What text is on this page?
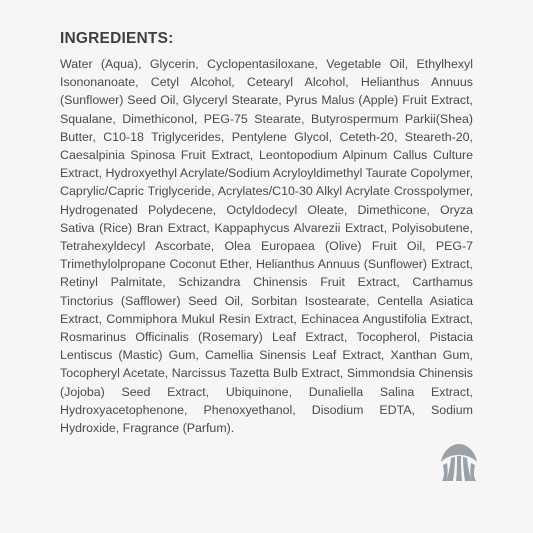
INGREDIENTS:

Water (Aqua), Glycerin, Cyclopentasiloxane, Vegetable Oil, Ethylhexyl Isononanoate, Cetyl Alcohol, Cetearyl Alcohol, Helianthus Annuus (Sunflower) Seed Oil, Glyceryl Stearate, Pyrus Malus (Apple) Fruit Extract, Squalane, Dimethiconol, PEG-75 Stearate, Butyrospermum Parkii(Shea) Butter, C10-18 Triglycerides, Pentylene Glycol, Ceteth-20, Steareth-20, Caesalpinia Spinosa Fruit Extract, Leontopodium Alpinum Callus Culture Extract, Hydroxyethyl Acrylate/Sodium Acryloyldimethyl Taurate Copolymer, Caprylic/Capric Triglyceride, Acrylates/C10-30 Alkyl Acrylate Crosspolymer, Hydrogenated Polydecene, Octyldodecyl Oleate, Dimethicone, Oryza Sativa (Rice) Bran Extract, Kappaphycus Alvarezii Extract, Polyisobutene, Tetrahexyldecyl Ascorbate, Olea Europaea (Olive) Fruit Oil, PEG-7 Trimethylolpropane Coconut Ether, Helianthus Annuus (Sunflower) Extract, Retinyl Palmitate, Schizandra Chinensis Fruit Extract, Carthamus Tinctorius (Safflower) Seed Oil, Sorbitan Isostearate, Centella Asiatica Extract, Commiphora Mukul Resin Extract, Echinacea Angustifolia Extract, Rosmarinus Officinalis (Rosemary) Leaf Extract, Tocopherol, Pistacia Lentiscus (Mastic) Gum, Camellia Sinensis Leaf Extract, Xanthan Gum, Tocopheryl Acetate, Narcissus Tazetta Bulb Extract, Simmondsia Chinensis (Jojoba) Seed Extract, Ubiquinone, Dunaliella Salina Extract, Hydroxyacetophenone, Phenoxyethanol, Disodium EDTA, Sodium Hydroxide, Fragrance (Parfum).
